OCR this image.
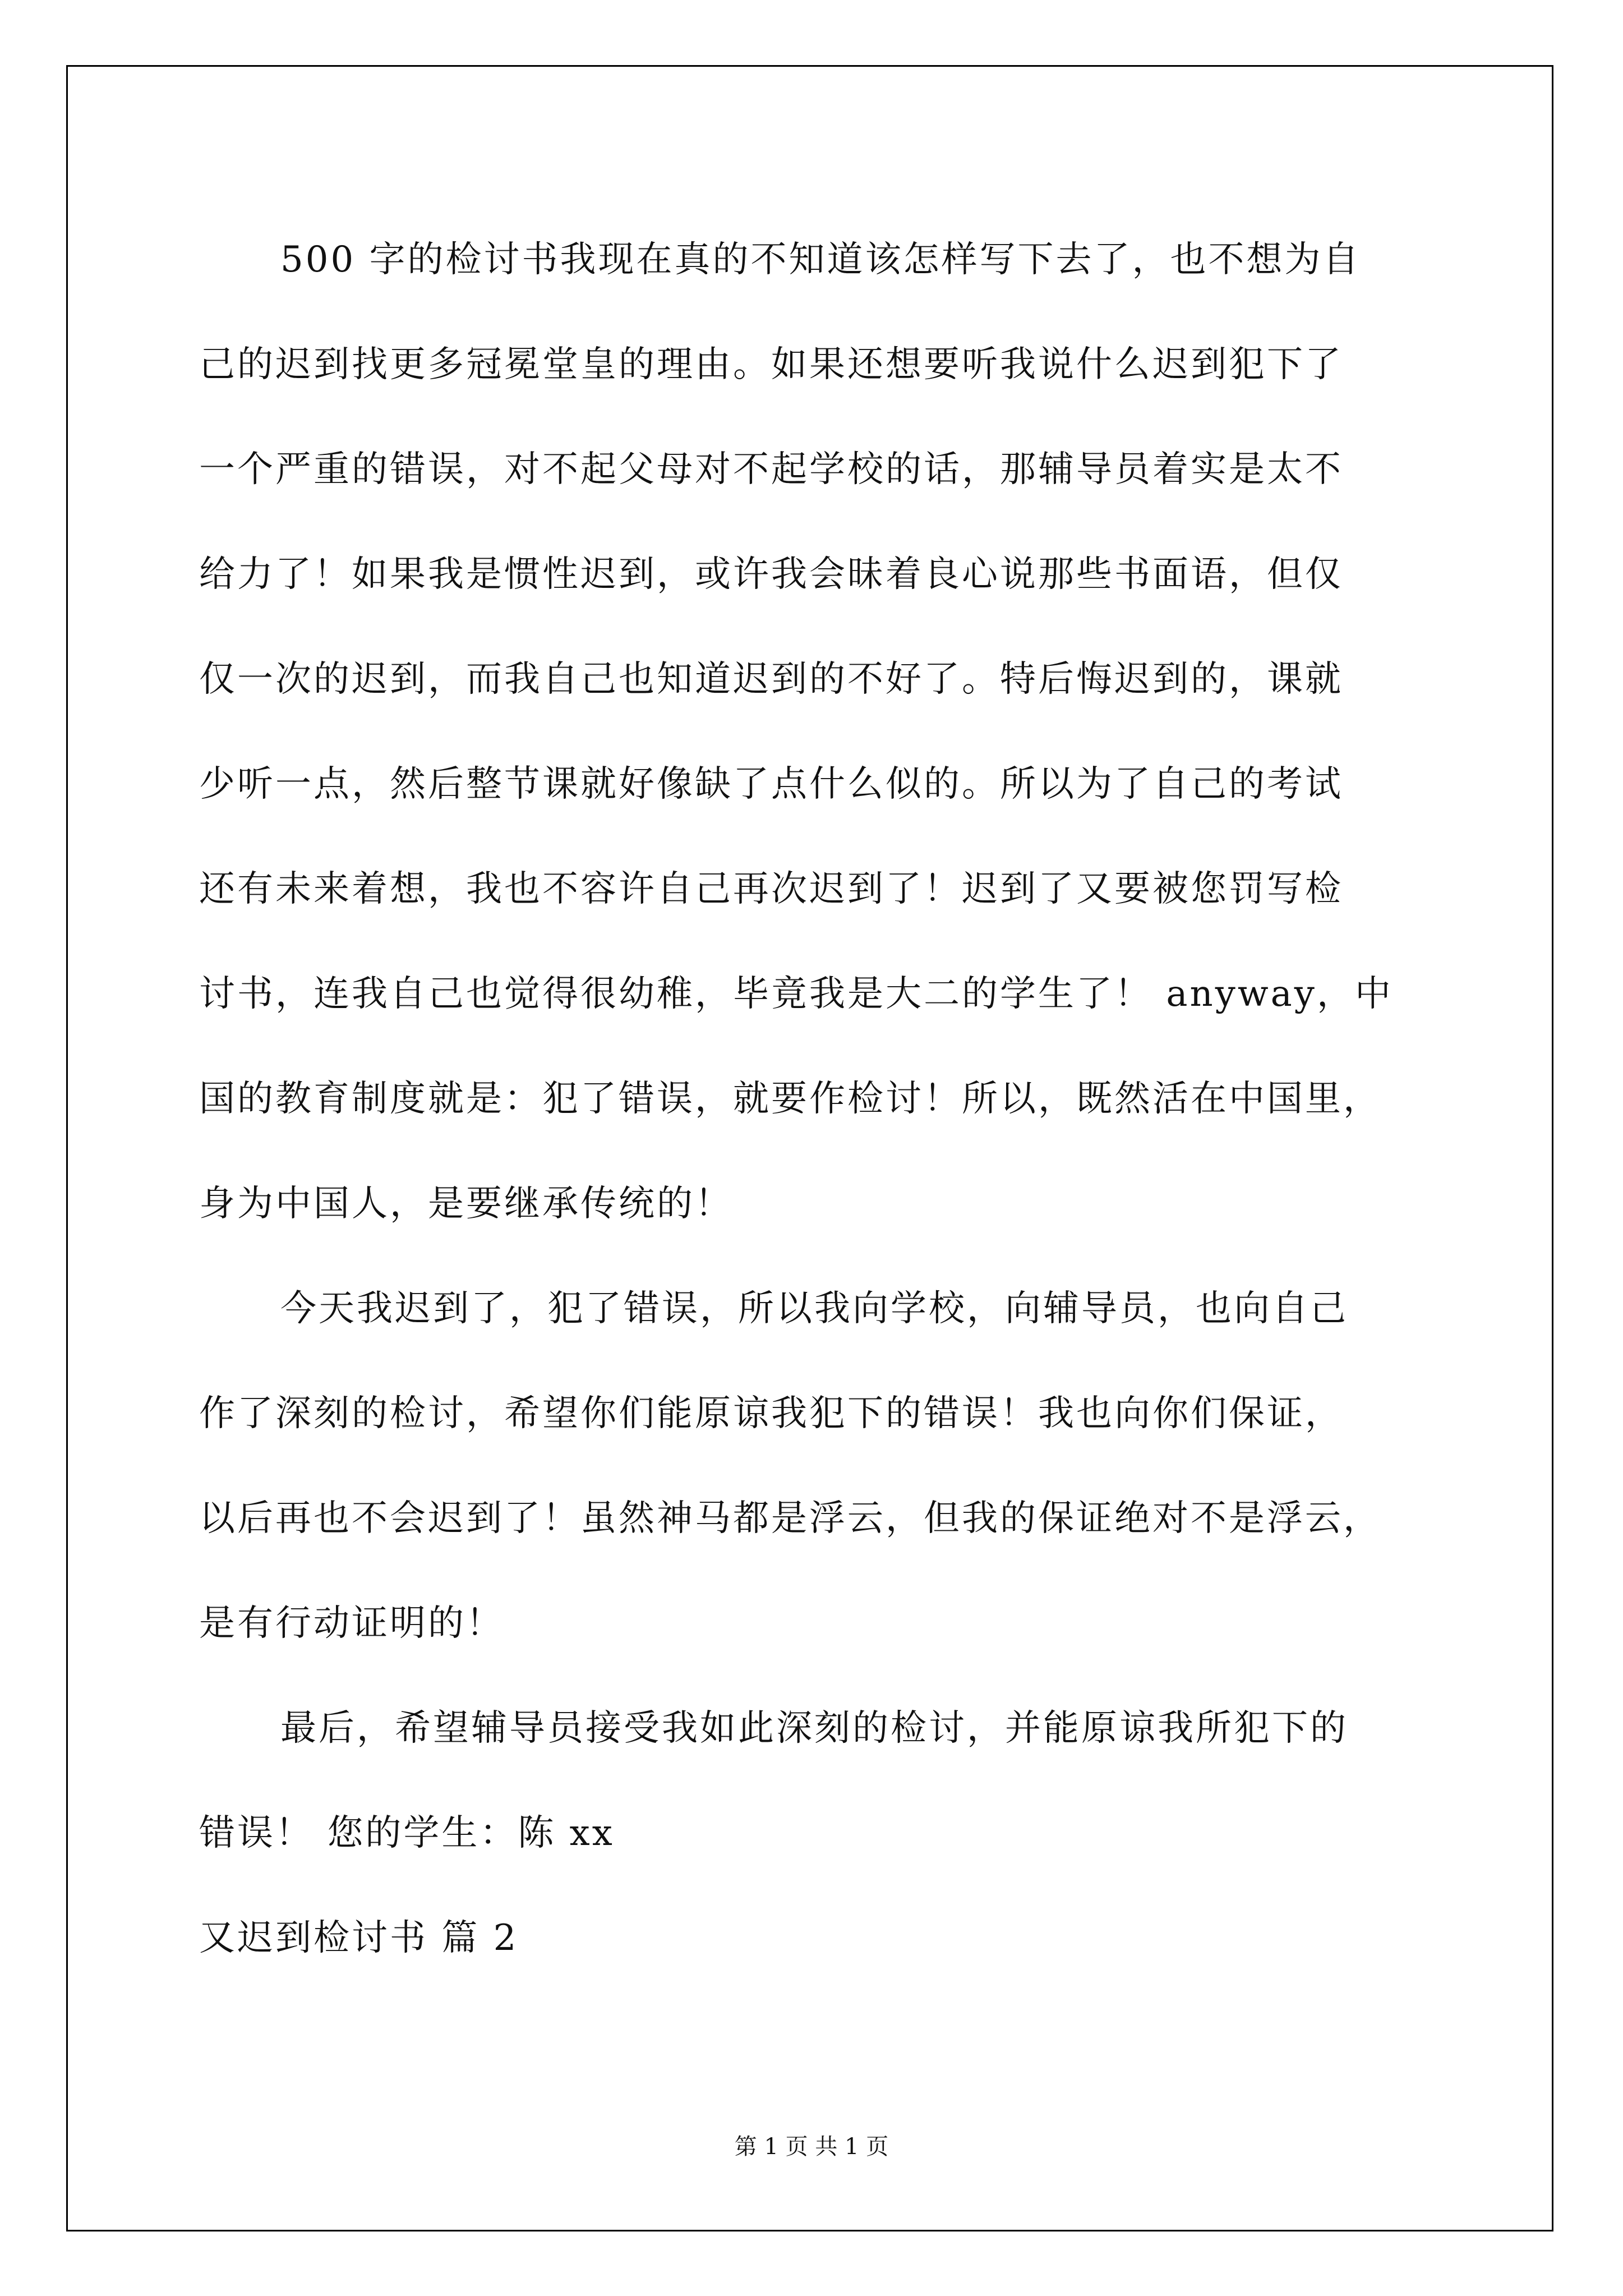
500 字的检讨书我现在真的不知道该怎样写下去了，也不想为自
己的迟到找更多冠冕堂皇的理由。如果还想要听我说什么迟到犯下了
一个严重的错误，对不起父母对不起学校的话，那辅导员着实是太不
给力了！如果我是惯性迟到，或许我会昧着良心说那些书面语，但仅
仅一次的迟到，而我自己也知道迟到的不好了。特后悔迟到的，课就
少听一点，然后整节课就好像缺了点什么似的。所以为了自己的考试
还有未来着想，我也不容许自己再次迟到了！迟到了又要被您罚写检
讨书，连我自己也觉得很幼稚，毕竟我是大二的学生了！ anyway，中
国的教育制度就是：犯了错误，就要作检讨！所以，既然活在中国里，
身为中国人，是要继承传统的！
今天我迟到了，犯了错误，所以我向学校，向辅导员，也向自己
作了深刻的检讨，希望你们能原谅我犯下的错误！我也向你们保证，
以后再也不会迟到了！虽然神马都是浮云，但我的保证绝对不是浮云，
是有行动证明的！
最后，希望辅导员接受我如此深刻的检讨，并能原谅我所犯下的
错误！ 您的学生：陈 xx
又迟到检讨书 篇 2
第 1 页 共 1 页
